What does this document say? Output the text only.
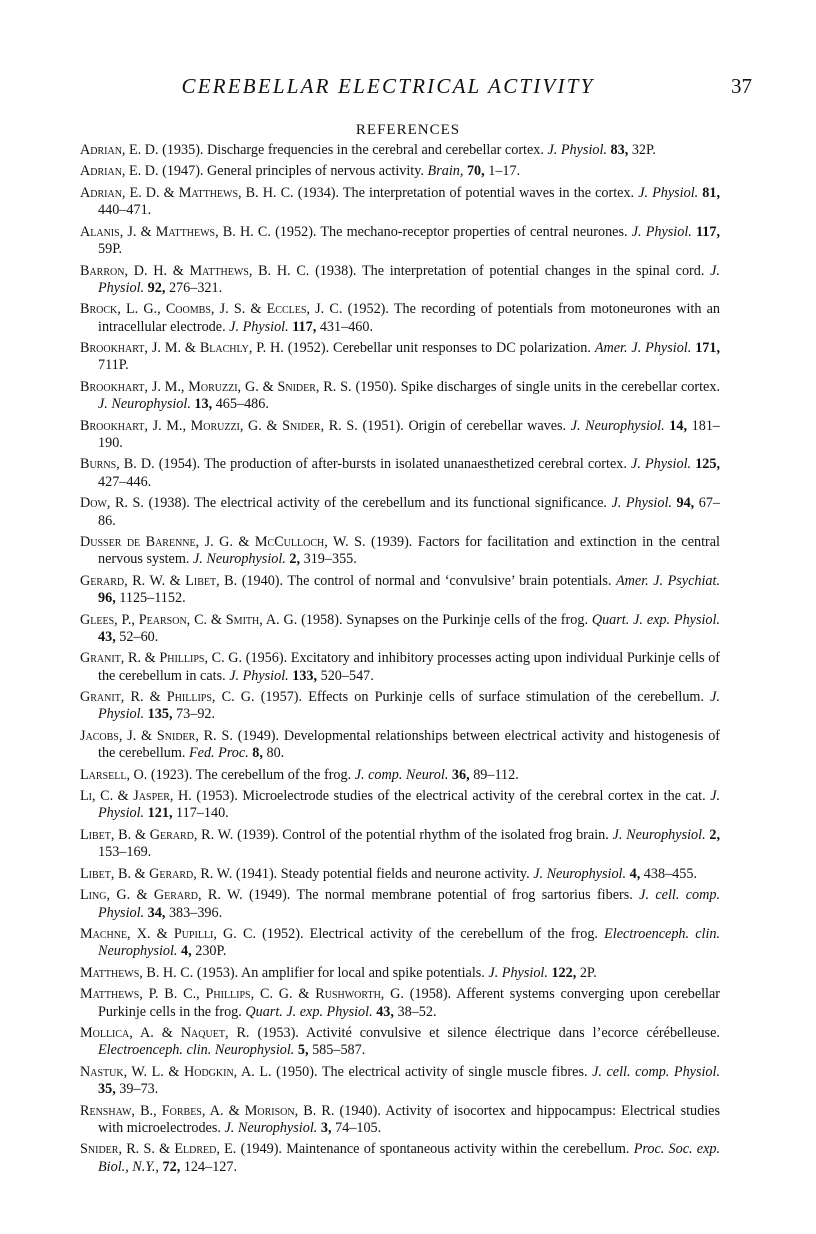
CEREBELLAR ELECTRICAL ACTIVITY	37
REFERENCES
Adrian, E. D. (1935). Discharge frequencies in the cerebral and cerebellar cortex. J. Physiol. 83, 32P.
Adrian, E. D. (1947). General principles of nervous activity. Brain, 70, 1–17.
Adrian, E. D. & Matthews, B. H. C. (1934). The interpretation of potential waves in the cortex. J. Physiol. 81, 440–471.
Alanis, J. & Matthews, B. H. C. (1952). The mechano-receptor properties of central neurones. J. Physiol. 117, 59P.
Barron, D. H. & Matthews, B. H. C. (1938). The interpretation of potential changes in the spinal cord. J. Physiol. 92, 276–321.
Brock, L. G., Coombs, J. S. & Eccles, J. C. (1952). The recording of potentials from motoneurones with an intracellular electrode. J. Physiol. 117, 431–460.
Brookhart, J. M. & Blachly, P. H. (1952). Cerebellar unit responses to DC polarization. Amer. J. Physiol. 171, 711P.
Brookhart, J. M., Moruzzi, G. & Snider, R. S. (1950). Spike discharges of single units in the cerebellar cortex. J. Neurophysiol. 13, 465–486.
Brookhart, J. M., Moruzzi, G. & Snider, R. S. (1951). Origin of cerebellar waves. J. Neurophysiol. 14, 181–190.
Burns, B. D. (1954). The production of after-bursts in isolated unanaesthetized cerebral cortex. J. Physiol. 125, 427–446.
Dow, R. S. (1938). The electrical activity of the cerebellum and its functional significance. J. Physiol. 94, 67–86.
Dusser de Barenne, J. G. & McCulloch, W. S. (1939). Factors for facilitation and extinction in the central nervous system. J. Neurophysiol. 2, 319–355.
Gerard, R. W. & Libet, B. (1940). The control of normal and ‘convulsive’ brain potentials. Amer. J. Psychiat. 96, 1125–1152.
Glees, P., Pearson, C. & Smith, A. G. (1958). Synapses on the Purkinje cells of the frog. Quart. J. exp. Physiol. 43, 52–60.
Granit, R. & Phillips, C. G. (1956). Excitatory and inhibitory processes acting upon individual Purkinje cells of the cerebellum in cats. J. Physiol. 133, 520–547.
Granit, R. & Phillips, C. G. (1957). Effects on Purkinje cells of surface stimulation of the cerebellum. J. Physiol. 135, 73–92.
Jacobs, J. & Snider, R. S. (1949). Developmental relationships between electrical activity and histogenesis of the cerebellum. Fed. Proc. 8, 80.
Larsell, O. (1923). The cerebellum of the frog. J. comp. Neurol. 36, 89–112.
Li, C. & Jasper, H. (1953). Microelectrode studies of the electrical activity of the cerebral cortex in the cat. J. Physiol. 121, 117–140.
Libet, B. & Gerard, R. W. (1939). Control of the potential rhythm of the isolated frog brain. J. Neurophysiol. 2, 153–169.
Libet, B. & Gerard, R. W. (1941). Steady potential fields and neurone activity. J. Neurophysiol. 4, 438–455.
Ling, G. & Gerard, R. W. (1949). The normal membrane potential of frog sartorius fibers. J. cell. comp. Physiol. 34, 383–396.
Machne, X. & Pupilli, G. C. (1952). Electrical activity of the cerebellum of the frog. Electroenceph. clin. Neurophysiol. 4, 230P.
Matthews, B. H. C. (1953). An amplifier for local and spike potentials. J. Physiol. 122, 2P.
Matthews, P. B. C., Phillips, C. G. & Rushworth, G. (1958). Afferent systems converging upon cerebellar Purkinje cells in the frog. Quart. J. exp. Physiol. 43, 38–52.
Mollica, A. & Naquet, R. (1953). Activité convulsive et silence électrique dans l’ecorce cérébelleuse. Electroenceph. clin. Neurophysiol. 5, 585–587.
Nastuk, W. L. & Hodgkin, A. L. (1950). The electrical activity of single muscle fibres. J. cell. comp. Physiol. 35, 39–73.
Renshaw, B., Forbes, A. & Morison, B. R. (1940). Activity of isocortex and hippocampus: Electrical studies with microelectrodes. J. Neurophysiol. 3, 74–105.
Snider, R. S. & Eldred, E. (1949). Maintenance of spontaneous activity within the cerebellum. Proc. Soc. exp. Biol., N.Y., 72, 124–127.
